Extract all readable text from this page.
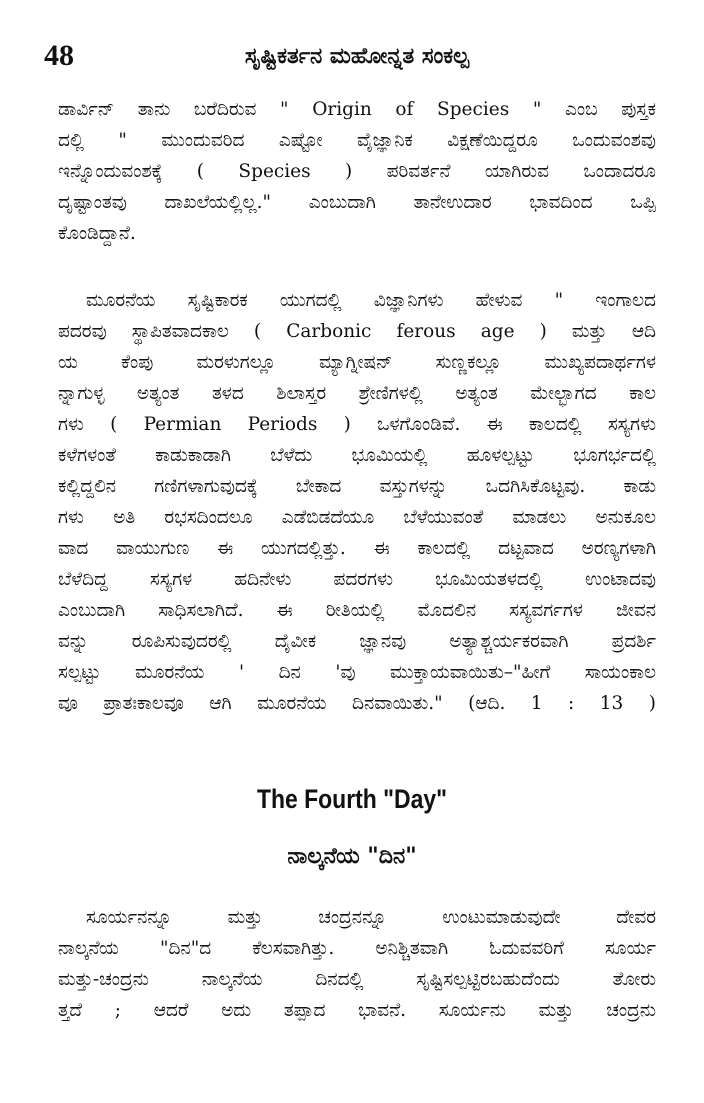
48	ಸೃಷ್ಟಿಕರ್ತನ ಮಹೋನ್ನತ ಸಂಕಲ್ಪ
ಡಾರ್ವಿನ್ ತಾನು ಬರೆದಿರುವ " Origin of Species " ಎಂಬ ಪುಸ್ತಕ
ದಲ್ಲಿ " ಮುಂದುವರಿದ ಎಷ್ಟೋ ವೈಜ್ಞಾನಿಕ ವಿಕ್ಷಣೆಯಿದ್ದರೂ ಒಂದುವಂಶವು
ಇನ್ನೊಂದುವಂಶಕ್ಕೆ ( Species ) ಪರಿವರ್ತನೆ ಯಾಗಿರುವ ಒಂದಾದರೂ
ದೃಷ್ಟಾಂತವು ದಾಖಲೆಯಲ್ಲಿಲ್ಲ." ಎಂಬುದಾಗಿ ತಾನೇಉದಾರ ಭಾವದಿಂದ ಒಪ್ಪಿ
ಕೊಂಡಿದ್ದಾನೆ.
ಮೂರನೆಯ ಸೃಷ್ಟಿಕಾರಕ ಯುಗದಲ್ಲಿ ವಿಜ್ಞಾನಿಗಳು ಹೇಳುವ " ಇಂಗಾಲದ
ಪದರವು ಸ್ಥಾಪಿತವಾದಕಾಲ ( Carbonic ferous age ) ಮತ್ತು ಆದಿ
ಯ ಕೆಂಪು ಮರಳುಗಲ್ಲೂ ಮ್ಯಾಗ್ನೀಷನ್ ಸುಣ್ಣಕಲ್ಲೂ ಮುಖ್ಯಪದಾರ್ಥಗಳ
ನ್ನಾಗುಳ್ಳ ಅತ್ಯಂತ ತಳದ ಶಿಲಾಸ್ತರ ಶ್ರೇಣಿಗಳಲ್ಲಿ ಅತ್ಯಂತ ಮೇಲ್ಭಾಗದ ಕಾಲ
ಗಳು ( Permian Periods ) ಒಳಗೊಂಡಿವೆ. ಈ ಕಾಲದಲ್ಲಿ ಸಸ್ಯಗಳು
ಕಳೆಗಳಂತೆ ಕಾಡುಕಾಡಾಗಿ ಬೆಳೆದು ಭೂಮಿಯಲ್ಲಿ ಹೂಳಲ್ಪಟ್ಟು ಭೂಗರ್ಭದಲ್ಲಿ
ಕಲ್ಲಿದ್ದಲಿನ ಗಣಿಗಳಾಗುವುದಕ್ಕೆ ಬೇಕಾದ ವಸ್ತುಗಳನ್ನು ಒದಗಿಸಿಕೊಟ್ಟವು. ಕಾಡು
ಗಳು ಅತಿ ರಭಸದಿಂದಲೂ ಎಡೆಬಿಡದೆಯೂ ಬೆಳೆಯುವಂತೆ ಮಾಡಲು ಅನುಕೂಲ
ವಾದ ವಾಯುಗುಣ ಈ ಯುಗದಲ್ಲಿತ್ತು. ಈ ಕಾಲದಲ್ಲಿ ದಟ್ಟವಾದ ಅರಣ್ಯಗಳಾಗಿ
ಬೆಳೆದಿದ್ದ ಸಸ್ಯಗಳ ಹದಿನೇಳು ಪದರಗಳು ಭೂಮಿಯತಳದಲ್ಲಿ ಉಂಟಾದವು
ಎಂಬುದಾಗಿ ಸಾಧಿಸಲಾಗಿದೆ. ಈ ರೀತಿಯಲ್ಲಿ ಮೊದಲಿನ ಸಸ್ಯವರ್ಗಗಳ ಜೀವನ
ವನ್ನು ರೂಪಿಸುವುದರಲ್ಲಿ ದೈವೀಕ ಜ್ಞಾನವು ಅತ್ಯಾಶ್ಚರ್ಯಕರವಾಗಿ ಪ್ರದರ್ಶಿ
ಸಲ್ಪಟ್ಟು ಮೂರನೆಯ ' ದಿನ 'ವು ಮುಕ್ತಾಯವಾಯಿತು–"ಹೀಗೆ ಸಾಯಂಕಾಲ
ವೂ ಪ್ರಾತಃಕಾಲವೂ ಆಗಿ ಮೂರನೆಯ ದಿನವಾಯಿತು." (ಆದಿ. 1 : 13 )
The Fourth "Day"
ನಾಲ್ಕನೆಯ "ದಿನ"
ಸೂರ್ಯನನ್ನೂ ಮತ್ತು ಚಂದ್ರನನ್ನೂ ಉಂಟುಮಾಡುವುದೇ ದೇವರ
ನಾಲ್ಕನೆಯ "ದಿನ"ದ ಕೆಲಸವಾಗಿತ್ತು. ಅನಿಶ್ಚಿತವಾಗಿ ಓದುವವರಿಗೆ ಸೂರ್ಯ
ಮತ್ತು-ಚಂದ್ರನು ನಾಲ್ಕನೆಯ ದಿನದಲ್ಲಿ ಸೃಷ್ಟಿಸಲ್ಪಟ್ಟಿರಬಹುದೆಂದು ತೋರು
ತ್ತದೆ ; ಆದರೆ ಅದು ತಪ್ಪಾದ ಭಾವನೆ. ಸೂರ್ಯನು ಮತ್ತು ಚಂದ್ರನು
